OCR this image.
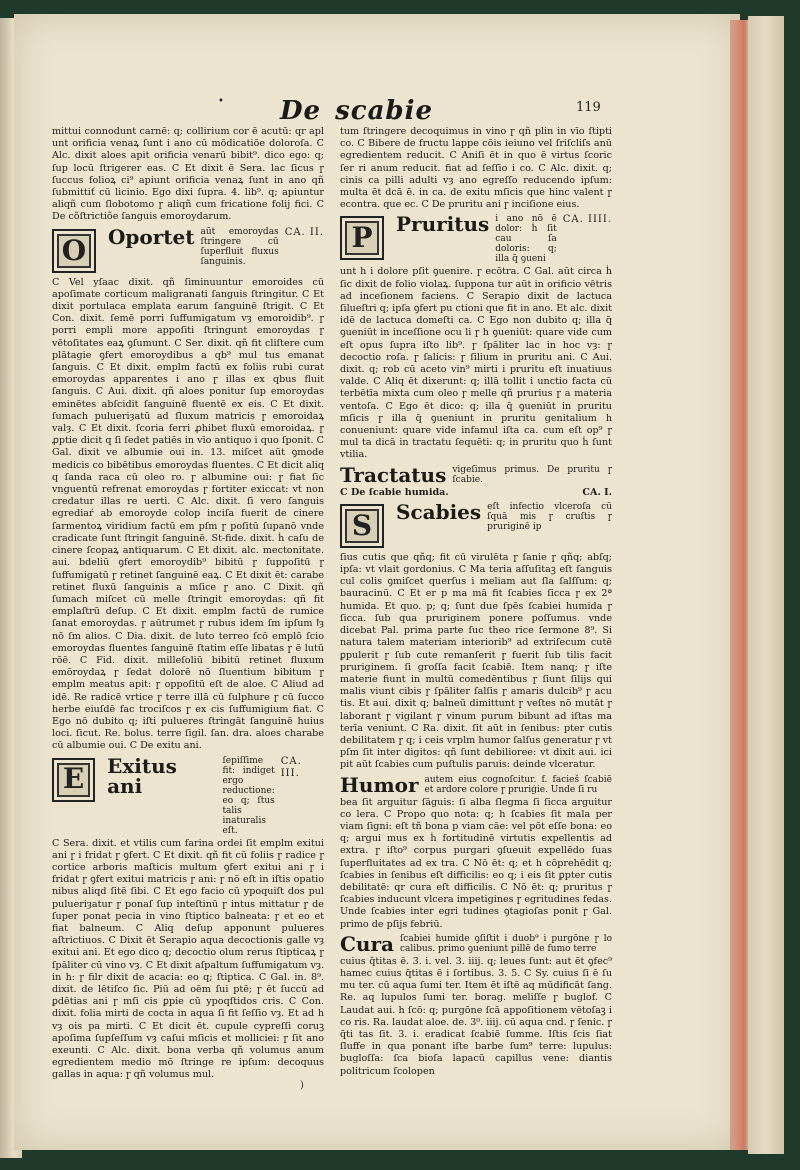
• De scabie	119

mittui connodunt carnē: q; collirium cor ē acutū: qr apl unt orificia venaꝝ ſunt i ano cū mōdicatiōe doloroſa. C Alc. dixit aloes apit orificia venarū bibit⁹. dico ego: q; ſup locū ſtrigerer eas. C Et dixit ē Sera. lac ſicus ɼ ſuccus folioꝝ ci⁹ apiunt orificia venaꝝ ſunt in ano qñ ſubmittiť cū licinio. Ego dixi ſupra. 4. lib⁹. q; apiuntur aliqñ cum ſlobotomo ɼ aliqñ cum fricatione folij fici. C De cõſtrictiõe ſanguis emoroydarum.

O	Oportet aūt emoroydas ſtringere cū ſuperfluit fluxus ſanguinis.
CA. II.

C Vel yſaac dixit. qñ ſiminuuntur emoroides cū apoſimate corticum maligranati ſanguis ſtringitur. C Et dixit portulaca emplata earum ſanguinē ſtrigit. C Et Con. dixit. ſemē porri ſuffumigatum vȝ emoroidib⁹. ɼ porri empli more appoſiti ſtringunt emoroydas ɼ vētoſitates eaꝝ ꝯſumunt. C Ser. dixit. qñ fit cliſtere cum plātagie ꝯfert emoroydibus a qb⁹ mul tus emanat ſanguis. C Et dixit. emplm factū ex foliis rubi curat emoroydas apparentes i ano ɼ illas ex qbus fluit ſanguis. C Aui. dixit. qñ aloes ponitur ſup emoroydas eminētes abſcidit ſanguinē fluentē ex eis. C Et dixit. ſumach pulueriȝatū ad ſluxum matricis ɼ emoroidaꝝ valȝ. C Et dixit. ſcoria ferri ꝓhibet fluxū emoroidaꝝ. ɼ ꝓptie dicit q ſi ſedet patiēs in vīo antiquo i quo ſponit. C Gal. dixit ve albumie oui in. 13. miſcet aūt ꝯmode medicis co bibētibus emoroydas fluentes. C Et dicit aliq q ſanda raca cū oleo ro. ɼ albumine oui: ɼ fiat ſic vnguentū refrenat emoroydas ɼ fortiter exiccat: vt non credatur illas re uerti. C Alc. dixit. ſi vero ſanguis egrediaŕ ab emoroyde colop inciſa fuerit de cinere ſarmentoꝝ viridium factū em pſm ɼ poſitū ſupanō vnde cradicate ſunt ſtringit ſanguinē. St-fide. dixit. ḣ caſu de cinere ſcopaꝝ antiquarum. C Et dixit. alc. mectonitate. aui. bdeliū ꝯfert emoroydib⁹ bibitū ɼ ſuppoſitū ɼ ſuffumigatū ɼ retinet ſanguinē eaꝝ. C Et dixit ēt: carabe retinet fluxū ſanguinis a mſice ɼ ano. C Dixit. qñ ſumach miſcet cū melle ſtringit emoroydas: qñ fit emplaſtrū deſup. C Et dixit. emplm factū de rumice ſanat emoroydas. ɼ aūtrumet ɼ rubus idem ſm ipſum ꝉȝ nō ſm alios. C Dia. dixit. de luto terreo ſcō emplō ſcio emoroydas fluentes ſanguinē ſtatim eſſe libatas ɼ ē lutū rōē. C Fid. dixit. milleſoliū bibitū retinet fluxum emōroydaꝝ ɼ ſedat dolorē nō ſluentium bibitum ɼ emplm meatus apit: ɼ oppoſitū eſt de aloe. C Aliud ad idē. Re radicē vrtice ɼ terre illā cū ſulphure ɼ cū ſucco herbe eiuſdē fac trociſcos ɼ ex cis ſuffumigium fiat. C Ego nō dubito q; iſti pulueres ſtringāt ſanguinē huius loci. ſicut. Re. bolus. terre ſigil. ſan. dra. aloes charabe cū albumie oui. C De exitu ani.

E	Exitus ani
ſepiſſime fit: indiget ergo reductione: eo q; ſtus talis inaturalis eſt.
CA. III.

C Sera. dixit. et vtilis cum farina ordei ſit emplm exitui ani ɼ i fridat ɼ ꝯfert. C Et dixit. qñ fit cū foliis ɼ radice ɼ cortice arboris maſticis multum ꝯfert exitui ani ɼ i fridat ɼ ꝯfert exitui matricis ɼ ani: ɼ nō eſt in iſtis opatio nibus aliqd ſitē ſibi. C Et ego facio cū ypoquiſt dos pul pulueriȝatur ɼ ponaſ ſup inteſtinū ɼ intus mittatur ɼ de ſuper ponat pecia in vino ſtiptico balneata: ɼ et eo et fiat balneum. C Aliq deſup apponunt pulueres aſtrictiuos. C Dixit ēt Serapio aqua decoctionis galle vȝ exitui ani. Et ego dico q; decoctio olum rerus ſtipticaꝝ ɼ ſpāliter cū vino vȝ. C Et dixit aſpaltum ſuffumigatum vȝ. in h: ɼ filr dixit de acacia: eo q; ſtiptica. C Gal. in. 8⁹. dixit. de lētiſco ſic. Piū ad oēm ſui ptē; ɼ ēt ſuccū ad ꝑdētias ani ɼ mſi cis ꝑpie cū ypoqſtidos cris. C Con. dixit. folia mirti de cocta in aqua ſi fit ſeſſio vȝ. Et ad h vȝ ois pa mirti. C Et dicit ēt. cupule cypreſſi coruꝫ apoſima ſupſeſſum vȝ caſui mſicis et molliciei: ɼ ſit ano exeunti. C Alc. dixit. bona verba qñ volumus anum egredientem medio mō ſtringe re ipſum: decoquus gallas in aqua: ɼ qñ volumus mul.

tum ſtringere decoquimus in vino ɼ qñ plin in vīo ſtipti co. C Bibere de fructu lappe cōis ieiuno vel ſriſcliſs anū egredientem reducit. C Aniſi ēt in quo ē virtus ſcoric ſer ri anum reducit. fiat ad ſeſſio i co. C Alc. dixit. q; cinis ca pilli adulti vȝ ano egreſſo reducendo ipſum: multa ēt dcā ē. in ca. de exitu mſicis que hinc valent ɼ econtra. que ec. C De pruritu ani ɼ inciſione eius.

P	Pruritus i ano nō ē dolor: ḣ ſit cau ſa doloris: q; illa q̄ ꝯueni
CA. IIII.

unt h i dolore pſit ꝯuenire. ɼ ecōtra. C Gal. aūt circa ḣ ſic dixit de folio violaꝝ. ſuppona tur aūt in orificio vētris ad inceſionem faciens. C Serapio dixit de lactuca ſilueſtri q; ipſa ꝯfert pu ctioni que fit in ano. Et alc. dixit idē de lactuca domeſti ca. C Ego non dubito q; illa q̄ ꝯueniūt in inceſſione ocu li ɼ h ꝯueniūt: quare vide cum eſt opus ſupra iſto lib⁹. ɼ ſpāliter lac in hoc vȝ: ɼ decoctio roſa. ɼ ſalicis: ɼ ſilium in pruritu ani. C Aui. dixit. q; rob cū aceto vin⁹ mirti i pruritu eſt inuatiuus valde. C Aliq ēt dixerunt: q; illā tollit i unctio facta cū terbētīa mixta cum oleo ɼ melle qñ prurius ɼ a materia ventoſa. C Ego ēt dico: q; illa q̄ ꝯueniūt in pruritu mſicis ɼ illa q̄ ꝯueniunt in pruritu genitalium h conueniunt: quare vide infamul iſta ca. cum eſt op⁹ ɼ mul ta dicā in tractatu ſequēti: q; in pruritu quo ḣ ſunt vtilia.

Tractatus vigeſimus primus. De pruritu ɼ ſcabie.
C De ſcabie humida.	CA. I.
S	Scabies eſt infectio vlceroſa cū ſquā mis ɼ cruſtis ɼ pruriginē ip

ſius cutis que qñq; fit cū virulēta ɼ ſanie ɼ qñq; abſq; ipſa: vt vlait gordonius. C Ma teria aſſuſitaꝫ eſt ſanguis cul colis ꝯmiſcet querſus i meliam aut ſla ſalſſum: q; bauracinū. C Et er p ma mā fit ſcabies ſicca ɼ ex 2ª humida. Et quo. p; q; ſunt due ſpēs ſcabiei humida ɼ ſicca. ſub qua pruriginem ponere poſſumus. vnde dicebat Pal. prima parte ſuc theo rice ſermone 8⁹. Si natura talem materiam interiorib⁹ ad extriſecum cutē ꝑpulerit ɼ ſub cute remanſerit ɼ fuerit ſub tilis facit pruriginem. ſi groſſa facit ſcabiē. Item nanq; ɼ iſte materie fiunt in multū comedēntibus ɼ ſiunt ſilijs qui malis viunt cibis ɼ ſpāliter ſalſis ɼ amaris dulcib⁹ ɼ acu tis. Et aui. dixit q; balneū dimittunt ɼ veſtes nō mutāt ɼ laborant ɼ vigilant ɼ vinum purum bibunt ad iſtas ma terīa veniunt. C Ra. dixit. ſit aūt in ſenibus: pter cutis debilitatem ɼ q; i ceis vrplm humor ſalſus generatur ɼ vt pſm ſit inter digitos: qñ ſunt debilioree: vt dixit aui. ici pit aūt ſcabies cum puſtulis paruis: deinde vlceratur.

Humor autem eius cognoſcitur. f. facieš ſcabiē et ardore colore ɼ pruriģie. Unde ſi ru

bea ſit arguitur ſāguis: ſi alba ſlegma ſi ſicca arguitur co lera. C Propo quo nota: q; h ſcabies ſit mala per viam ſigni: eſt tñ bona p viam cāe: vel pōt eſſe bona: eo q; argui mus ex ḣ fortitudinē virtutis expellentis ad extra. ɼ iſto⁹ corpus purgari ꝯſueuit expellēdo ſuas ſuperfluitates ad ex tra. C Nō ēt: q; et h cōprehēdit q; ſcabies in ſenibus eſt difficilis: eo q; i eis ſit ꝑpter cutis debilitatē: qr cura eſt difficilis. C Nō ēt: q; pruritus ɼ ſcabies inducunt vlcera impetigines ɼ egritudines fedas. Unde ſcabies inter egri tudines ꝯtagioſas ponit ɼ Gal. primo de pſijs febriū.

Cura ſcabiei humide ꝯſiſtit i duob⁹ i purgōne ɼ lo calibus. primo ꝯueniunt pillē de fumo terre

cuius q̄titas ē. 3. i. vel. 3. iiij. q; leues ſunt: aut ēt ꝯfec⁹ hamec cuius q̄titas ē i ſortibus. 3. 5. C Sy. cuius ſi ē ſu mu ter. cū aqua ſumi ter. Item ēt iſtē aq mūdificāt ſang. Re. aq lupulos ſumi ter. borag. meliſſe ɼ buglof. C Laudat aui. h ſcō: q; purgōne ſcā appoſitionem vētoſaꝫ i co ris. Ra. laudat aloe. de. 3⁰. iiij. cū aqua cnd. ɼ ſenic. ɼ q̄ti tas ſit. 3. i. eradicat ſcabiē ſumme. Iſtis ſcis ſiat ſluffe in qua ponant iſte barbe ſum⁹ terre: lupulus: bugloſſa: ſca bioſa lapacū capillus vene: diantis politricum ſcolopen

)
